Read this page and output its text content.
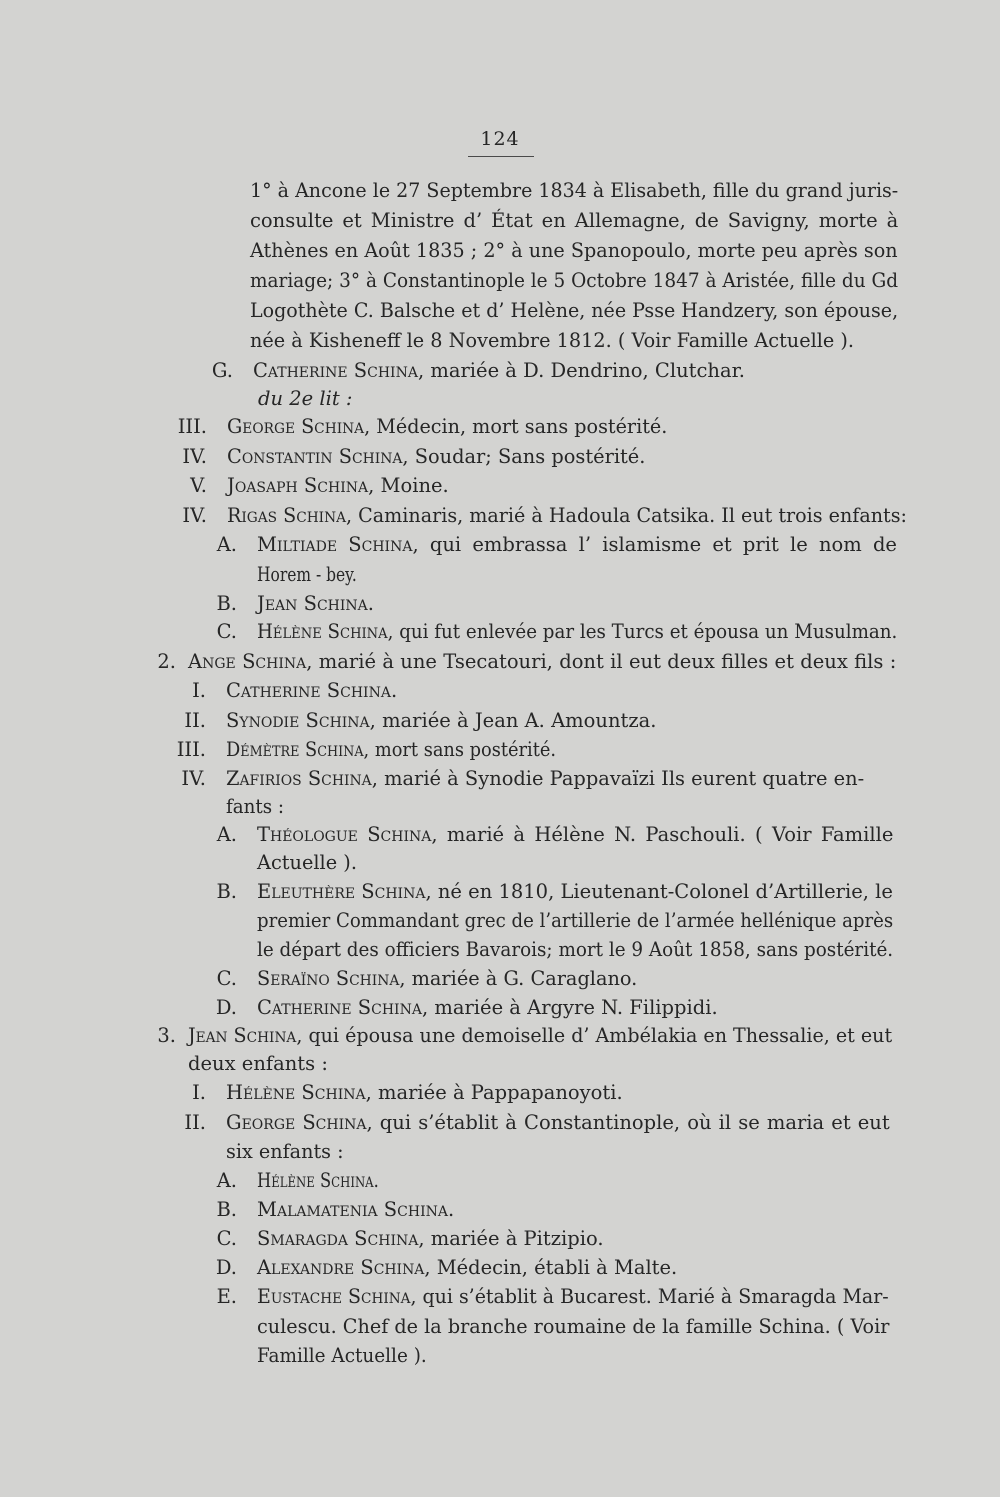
124
1° à Ancone le 27 Septembre 1834 à Elisabeth, fille du grand juris-
consulte et Ministre d’ État en Allemagne, de Savigny, morte à
Athènes en Août 1835 ; 2° à une Spanopoulo, morte peu après son
mariage; 3° à Constantinople le 5 Octobre 1847 à Aristée, fille du Gd
Logothète C. Balsche et d’ Helène, née Psse Handzery, son épouse,
née à Kisheneff le 8 Novembre 1812. ( Voir Famille Actuelle ).
G. Catherine Schina, mariée à D. Dendrino, Clutchar.
du 2e lit :
III. George Schina, Médecin, mort sans postérité.
IV. Constantin Schina, Soudar; Sans postérité.
V. Joasaph Schina, Moine.
IV. Rigas Schina, Caminaris, marié à Hadoula Catsika. Il eut trois enfants:
A. Miltiade Schina, qui embrassa l’ islamisme et prit le nom de
Horem - bey.
B. Jean Schina.
C. Hélène Schina, qui fut enlevée par les Turcs et épousa un Musulman.
2. Ange Schina, marié à une Tsecatouri, dont il eut deux filles et deux fils :
I. Catherine Schina.
II. Synodie Schina, mariée à Jean A. Amountza.
III. Démètre Schina, mort sans postérité.
IV. Zafirios Schina, marié à Synodie Pappavaïzi Ils eurent quatre en-
fants :
A. Théologue Schina, marié à Hélène N. Paschouli. ( Voir Famille
Actuelle ).
B. Eleuthère Schina, né en 1810, Lieutenant-Colonel d’Artillerie, le
premier Commandant grec de l’artillerie de l’armée hellénique après
le départ des officiers Bavarois; mort le 9 Août 1858, sans postérité.
C. Seraïno Schina, mariée à G. Caraglano.
D. Catherine Schina, mariée à Argyre N. Filippidi.
3. Jean Schina, qui épousa une demoiselle d’ Ambélakia en Thessalie, et eut
deux enfants :
I. Hélène Schina, mariée à Pappapanoyoti.
II. George Schina, qui s’établit à Constantinople, où il se maria et eut
six enfants :
A. Hélène Schina.
B. Malamatenia Schina.
C. Smaragda Schina, mariée à Pitzipio.
D. Alexandre Schina, Médecin, établi à Malte.
E. Eustache Schina, qui s’établit à Bucarest. Marié à Smaragda Mar-
culescu. Chef de la branche roumaine de la famille Schina. ( Voir
Famille Actuelle ).
